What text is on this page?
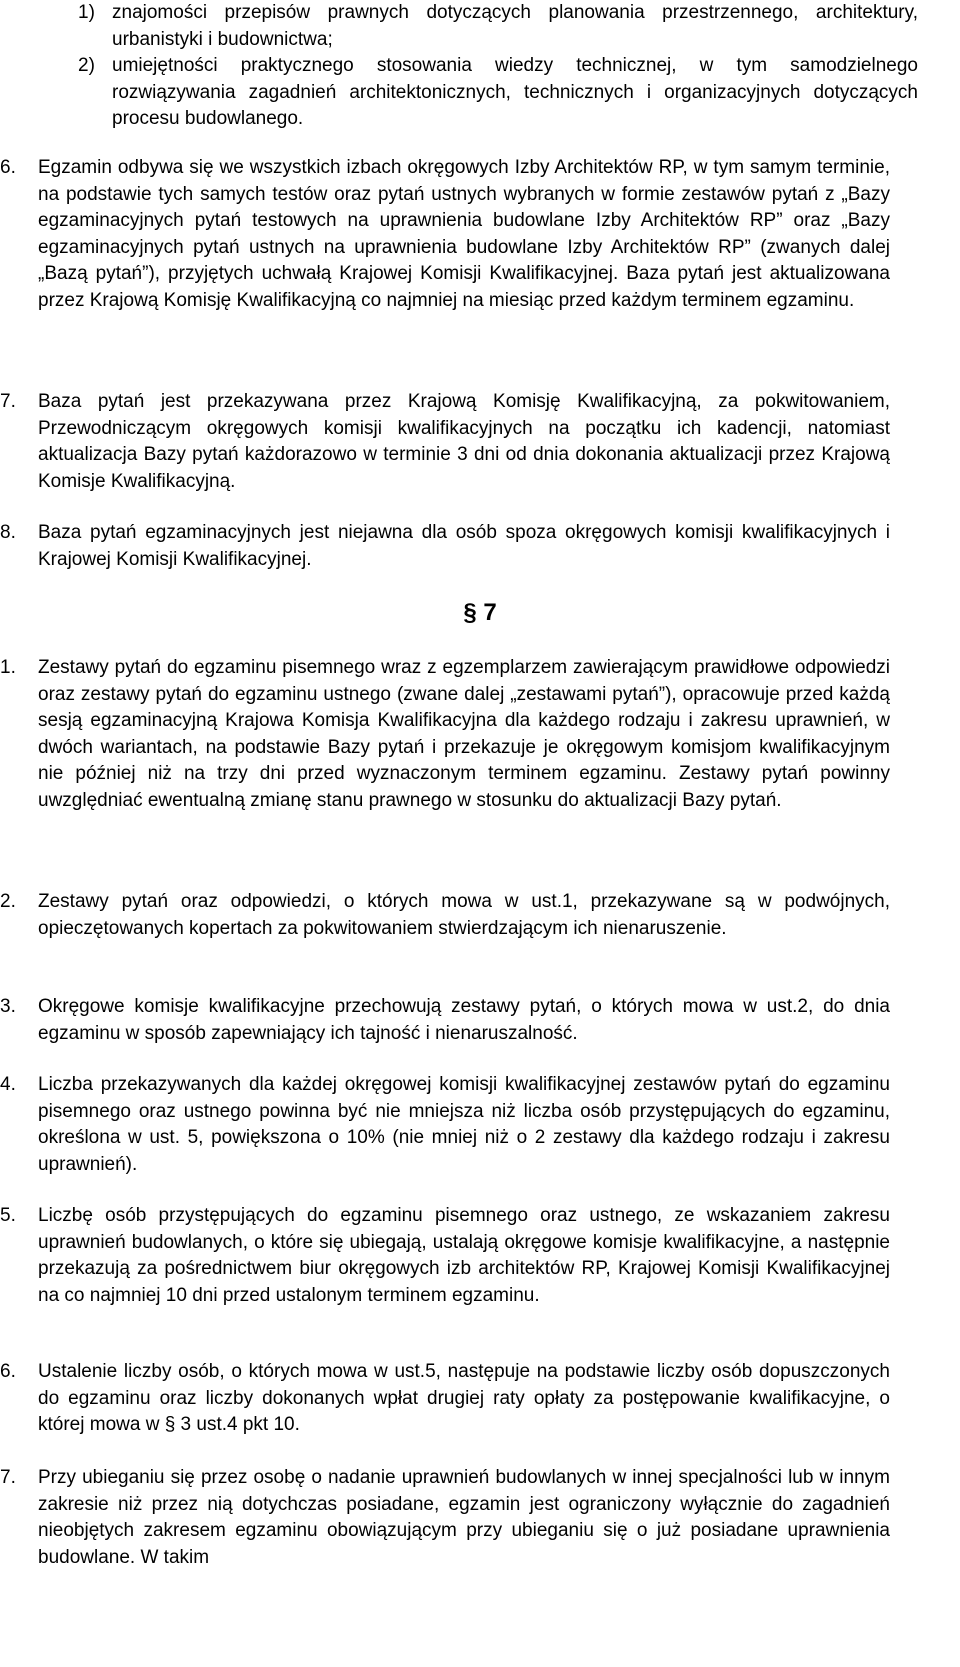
1) znajomości przepisów prawnych dotyczących planowania przestrzennego, architektury, urbanistyki i budownictwa;
2) umiejętności praktycznego stosowania wiedzy technicznej, w tym samodzielnego rozwiązywania zagadnień architektonicznych, technicznych i organizacyjnych dotyczących procesu budowlanego.
6.	Egzamin odbywa się we wszystkich izbach okręgowych Izby Architektów RP, w tym samym terminie, na podstawie tych samych testów oraz pytań ustnych wybranych w formie zestawów pytań z „Bazy egzaminacyjnych pytań testowych na uprawnienia budowlane Izby Architektów RP” oraz „Bazy egzaminacyjnych pytań ustnych na uprawnienia budowlane Izby Architektów RP” (zwanych dalej „Bazą pytań”), przyjętych uchwałą Krajowej Komisji Kwalifikacyjnej. Baza pytań jest aktualizowana przez Krajową Komisję Kwalifikacyjną co najmniej na miesiąc przed każdym terminem egzaminu.
7.	Baza pytań jest przekazywana przez Krajową Komisję Kwalifikacyjną, za pokwitowaniem, Przewodniczącym okręgowych komisji kwalifikacyjnych na początku ich kadencji, natomiast aktualizacja Bazy pytań każdorazowo w terminie 3 dni od dnia dokonania aktualizacji przez Krajową Komisje Kwalifikacyjną.
8.	Baza pytań egzaminacyjnych jest niejawna dla osób spoza okręgowych komisji kwalifikacyjnych i Krajowej Komisji Kwalifikacyjnej.
§ 7
1.	Zestawy pytań do egzaminu pisemnego wraz z egzemplarzem zawierającym prawidłowe odpowiedzi oraz zestawy pytań do egzaminu ustnego (zwane dalej „zestawami pytań”), opracowuje przed każdą sesją egzaminacyjną Krajowa Komisja Kwalifikacyjna dla każdego rodzaju i zakresu uprawnień, w dwóch wariantach, na podstawie Bazy pytań i przekazuje je okręgowym komisjom kwalifikacyjnym nie później niż na trzy dni przed wyznaczonym terminem egzaminu. Zestawy pytań powinny uwzględniać ewentualną zmianę stanu prawnego w stosunku do aktualizacji Bazy pytań.
2.	Zestawy pytań oraz odpowiedzi, o których mowa w ust.1, przekazywane są w podwójnych, opieczętowanych kopertach za pokwitowaniem stwierdzającym ich nienaruszenie.
3.	Okręgowe komisje kwalifikacyjne przechowują zestawy pytań, o których mowa w ust.2, do dnia egzaminu w sposób zapewniający ich tajność i nienaruszalność.
4.	Liczba przekazywanych dla każdej okręgowej komisji kwalifikacyjnej zestawów pytań do egzaminu pisemnego oraz ustnego powinna być nie mniejsza niż liczba osób przystępujących do egzaminu, określona w ust. 5, powiększona o 10% (nie mniej niż o 2 zestawy dla każdego rodzaju i zakresu uprawnień).
5.	Liczbę osób przystępujących do egzaminu pisemnego oraz ustnego, ze wskazaniem zakresu uprawnień budowlanych, o które się ubiegają, ustalają okręgowe komisje kwalifikacyjne, a następnie przekazują za pośrednictwem biur okręgowych izb architektów RP, Krajowej Komisji Kwalifikacyjnej na co najmniej 10 dni przed ustalonym terminem egzaminu.
6.	Ustalenie liczby osób, o których mowa w ust.5, następuje na podstawie liczby osób dopuszczonych do egzaminu oraz liczby dokonanych wpłat drugiej raty opłaty za postępowanie kwalifikacyjne, o której mowa w § 3 ust.4 pkt 10.
7.	Przy ubieganiu się przez osobę o nadanie uprawnień budowlanych w innej specjalności lub w innym zakresie niż przez nią dotychczas posiadane, egzamin jest ograniczony wyłącznie do zagadnień nieobjętych zakresem egzaminu obowiązującym przy ubieganiu się o już posiadane uprawnienia budowlane. W takim
